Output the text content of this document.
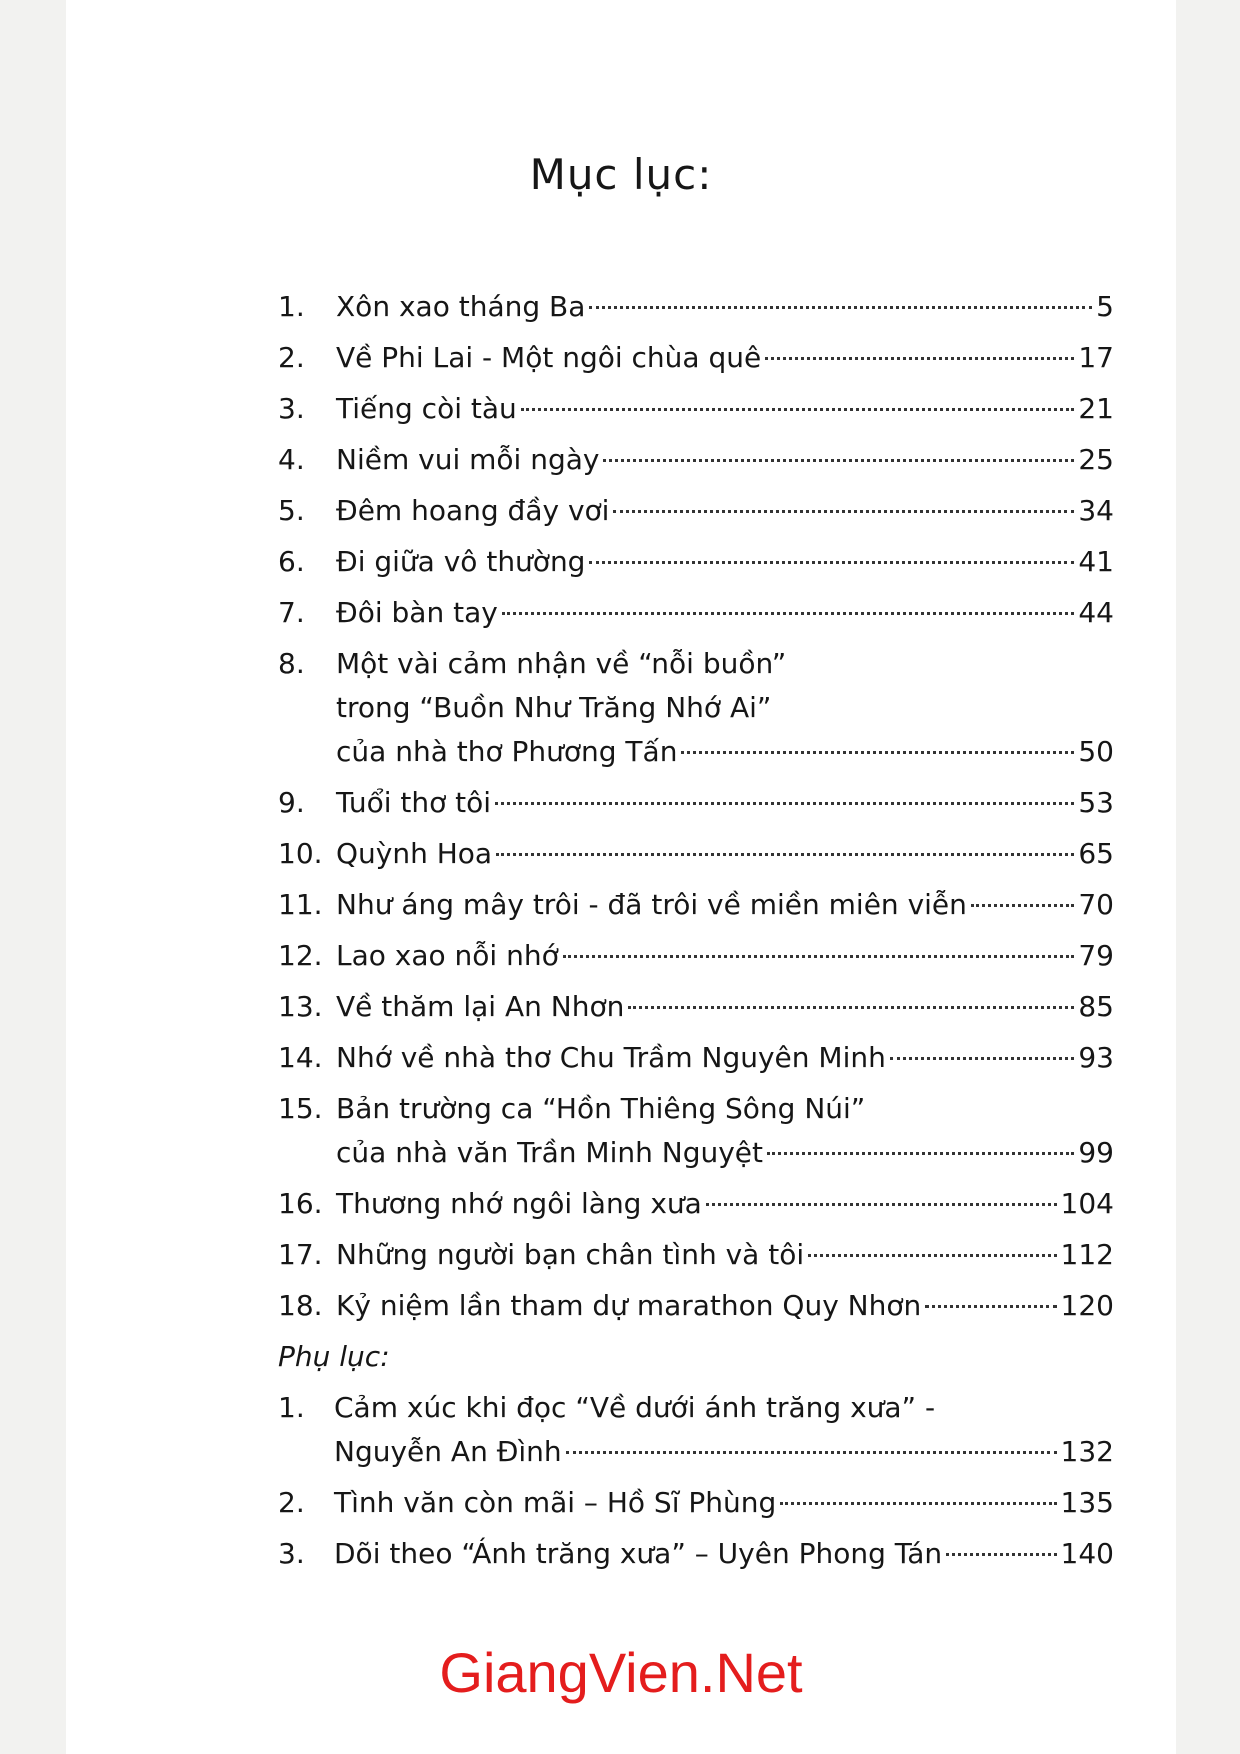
Mục lục:
1.	Xôn xao tháng Ba	5
2.	Về Phi Lai - Một ngôi chùa quê	17
3.	Tiếng còi tàu	21
4.	Niềm vui mỗi ngày	25
5.	Đêm hoang đầy vơi	34
6.	Đi giữa vô thường	41
7.	Đôi bàn tay	44
8.	Một vài cảm nhận về “nỗi buồn”
trong “Buồn Như Trăng Nhớ Ai”
của nhà thơ Phương Tấn	50
9.	Tuổi thơ tôi	53
10. Quỳnh Hoa	65
11. Như áng mây trôi - đã trôi về miền miên viễn	70
12. Lao xao nỗi nhớ	79
13. Về thăm lại An Nhơn	85
14. Nhớ về nhà thơ Chu Trầm Nguyên Minh	93
15. Bản trường ca “Hồn Thiêng Sông Núi”
của nhà văn Trần Minh Nguyệt	99
16. Thương nhớ ngôi làng xưa	104
17. Những người bạn chân tình và tôi	112
18. Kỷ niệm lần tham dự marathon Quy Nhơn	120
Phụ lục:
1.	Cảm xúc khi đọc “Về dưới ánh trăng xưa” -
Nguyễn An Đình	132
2.	Tình văn còn mãi – Hồ Sĩ Phùng	135
3.	Dõi theo “Ánh trăng xưa” – Uyên Phong Tán	140
GiangVien.Net
